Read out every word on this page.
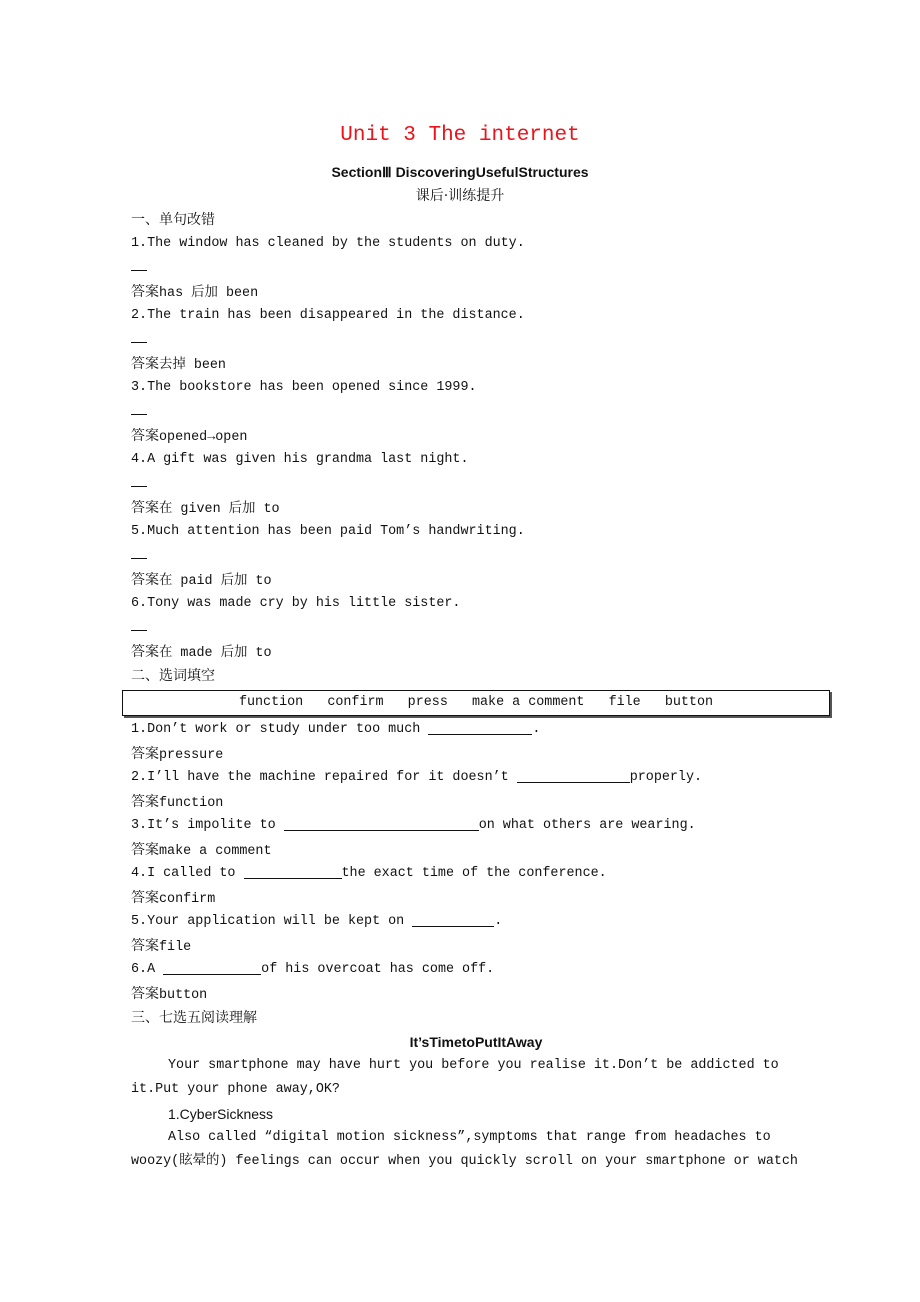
Unit 3 The internet
SectionⅢ DiscoveringUsefulStructures
课后·训练提升
一、单句改错
1.The window has cleaned by the students on duty.
答案has 后加 been
2.The train has been disappeared in the distance.
答案去掉 been
3.The bookstore has been opened since 1999.
答案opened→open
4.A gift was given his grandma last night.
答案在 given 后加 to
5.Much attention has been paid Tom’s handwriting.
答案在 paid 后加 to
6.Tony was made cry by his little sister.
答案在 made 后加 to
二、选词填空
function   confirm   press   make a comment   file   button
1.Don’t work or study under too much	.
答案pressure
2.I’ll have the machine repaired for it doesn’t	properly.
答案function
3.It’s impolite to	on what others are wearing.
答案make a comment
4.I called to	the exact time of the conference.
答案confirm
5.Your application will be kept on	.
答案file
6.A	of his overcoat has come off.
答案button
三、七选五阅读理解
It’sTimetoPutItAway
Your smartphone may have hurt you before you realise it.Don’t be addicted to
it.Put your phone away,OK?
1.CyberSickness
Also called “digital motion sickness”,symptoms that range from headaches to
woozy(眩晕的) feelings can occur when you quickly scroll on your smartphone or watch
